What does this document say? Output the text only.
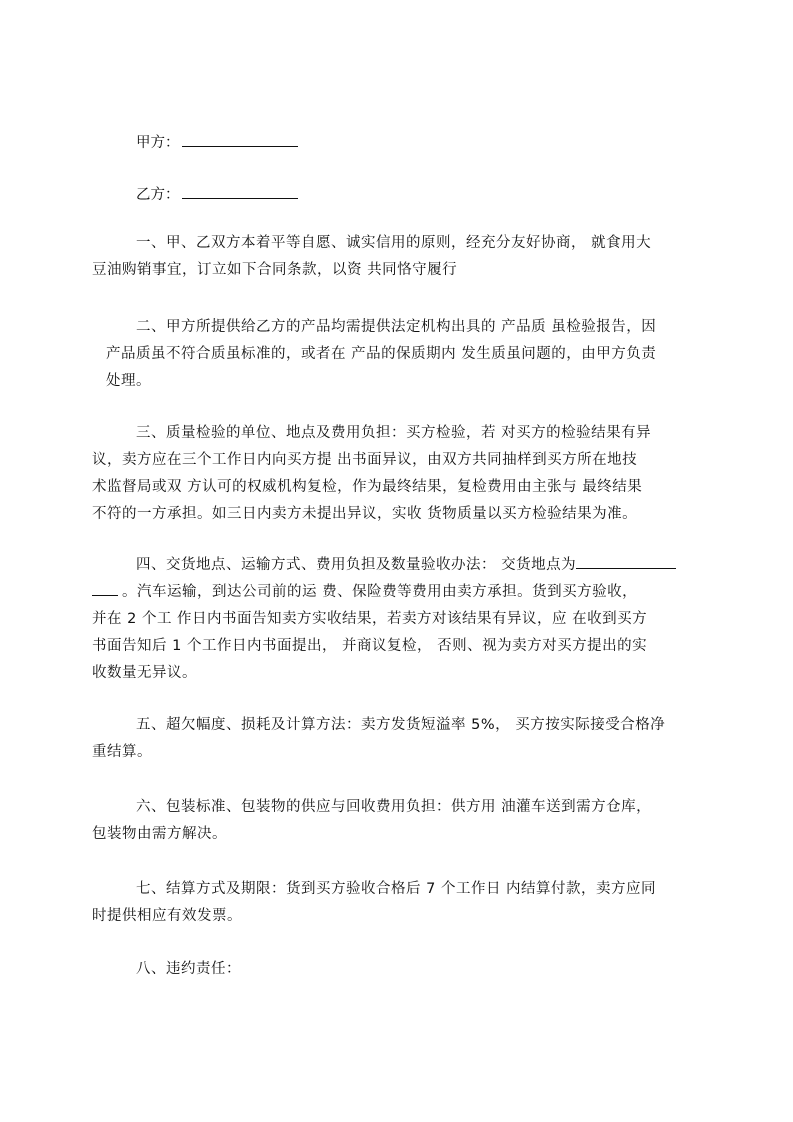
甲方：
乙方：
一、甲、乙双方本着平等自愿、诚实信用的原则，经充分友好协商， 就食用大
豆油购销事宜，订立如下合同条款，以资 共同恪守履行
二、甲方所提供给乙方的产品均需提供法定机构出具的 产品质 虽检验报告，因
产品质虽不符合质虽标准的，或者在 产品的保质期内 发生质虽问题的，由甲方负责
处理。
三、质量检验的单位、地点及费用负担：买方检验，若 对买方的检验结果有异
议，卖方应在三个工作日内向买方提 出书面异议，由双方共同抽样到买方所在地技
术监督局或双 方认可的权威机构复检，作为最终结果，复检费用由主张与 最终结果
不符的一方承担。如三日内卖方未提出异议，实收 货物质量以买方检验结果为准。
四、交货地点、运输方式、费用负担及数量验收办法： 交货地点为
。汽车运输，到达公司前的运 费、保险费等费用由卖方承担。货到买方验收，
并在 2 个工 作日内书面告知卖方实收结果，若卖方对该结果有异议，应 在收到买方
书面告知后 1 个工作日内书面提出， 并商议复检， 否则、视为卖方对买方提出的实
收数量无异议。
五、超欠幅度、损耗及计算方法：卖方发货短溢率 5%， 买方按实际接受合格净
重结算。
六、包装标准、包装物的供应与回收费用负担：供方用 油灌车送到需方仓库，
包装物由需方解决。
七、结算方式及期限：货到买方验收合格后 7 个工作日 内结算付款，卖方应同
时提供相应有效发票。
八、违约责任：
